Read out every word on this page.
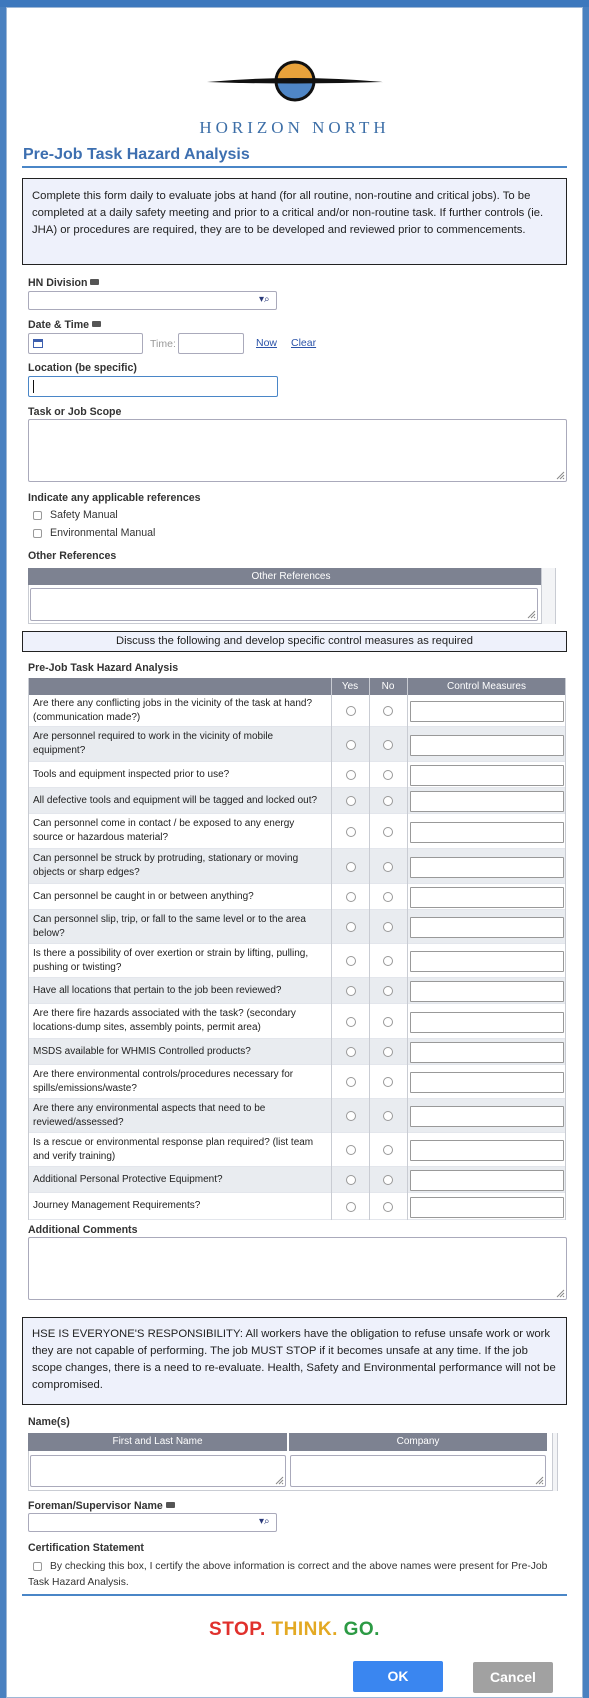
HORIZON NORTH
Pre-Job Task Hazard Analysis
Complete this form daily to evaluate jobs at hand (for all routine, non-routine and critical jobs). To be completed at a daily safety meeting and prior to a critical and/or non-routine task. If further controls (ie. JHA) or procedures are required, they are to be developed and reviewed prior to commencements.
HN Division
▾⌕
Date & Time
Time:	Now Clear
Location (be specific)
Task or Job Scope
Indicate any applicable references
Safety Manual
Environmental Manual
Other References
Other References
Discuss the following and develop specific control measures as required
Pre-Job Task Hazard Analysis
Yes	No	Control Measures
Are there any conflicting jobs in the vicinity of the task at hand? (communication made?)
Are personnel required to work in the vicinity of mobile equipment?
Tools and equipment inspected prior to use?
All defective tools and equipment will be tagged and locked out?
Can personnel come in contact / be exposed to any energy source or hazardous material?
Can personnel be struck by protruding, stationary or moving objects or sharp edges?
Can personnel be caught in or between anything?
Can personnel slip, trip, or fall to the same level or to the area below?
Is there a possibility of over exertion or strain by lifting, pulling, pushing or twisting?
Have all locations that pertain to the job been reviewed?
Are there fire hazards associated with the task? (secondary locations-dump sites, assembly points, permit area)
MSDS available for WHMIS Controlled products?
Are there environmental controls/procedures necessary for spills/emissions/waste?
Are there any environmental aspects that need to be reviewed/assessed?
Is a rescue or environmental response plan required? (list team and verify training)
Additional Personal Protective Equipment?
Journey Management Requirements?
Additional Comments
HSE IS EVERYONE'S RESPONSIBILITY: All workers have the obligation to refuse unsafe work or work they are not capable of performing. The job MUST STOP if it becomes unsafe at any time. If the job scope changes, there is a need to re-evaluate. Health, Safety and Environmental performance will not be compromised.
Name(s)
First and Last Name	Company
Foreman/Supervisor Name
▾⌕
Certification Statement
By checking this box, I certify the above information is correct and the above names were present for Pre-Job Task Hazard Analysis.
STOP. THINK. GO.
OK	Cancel
